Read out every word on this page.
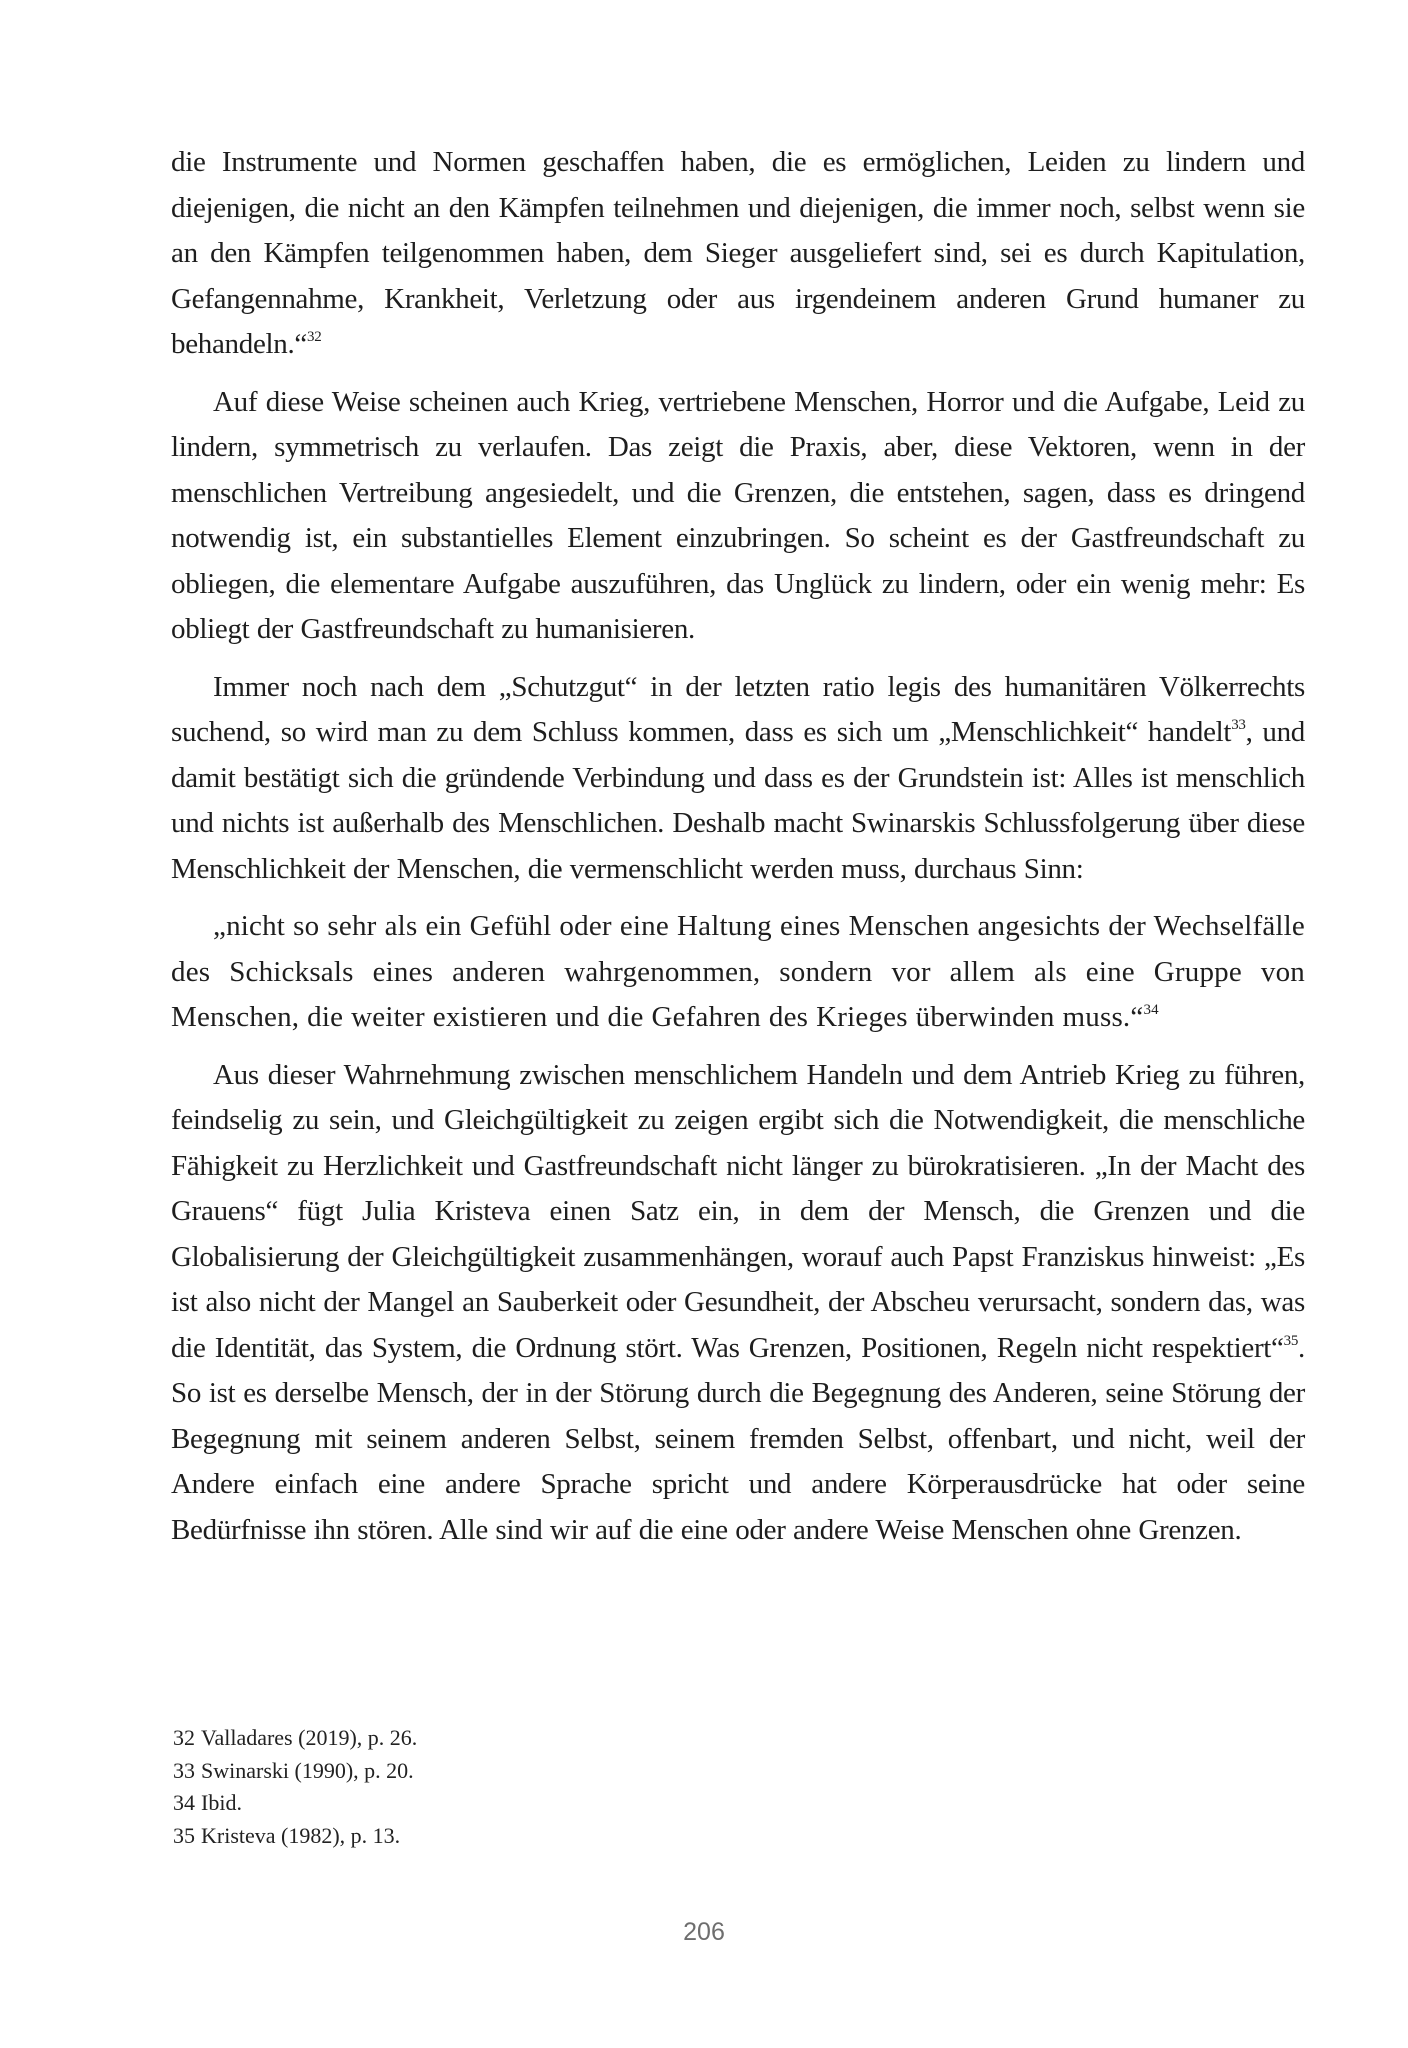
die Instrumente und Normen geschaffen haben, die es ermöglichen, Leiden zu lindern und diejenigen, die nicht an den Kämpfen teilnehmen und diejenigen, die immer noch, selbst wenn sie an den Kämpfen teilgenommen haben, dem Sieger ausgeliefert sind, sei es durch Kapitulation, Gefangennahme, Krankheit, Verletzung oder aus irgendeinem anderen Grund humaner zu behandeln.“$^{32}$

Auf diese Weise scheinen auch Krieg, vertriebene Menschen, Horror und die Aufgabe, Leid zu lindern, symmetrisch zu verlaufen. Das zeigt die Praxis, aber, diese Vektoren, wenn in der menschlichen Vertreibung angesiedelt, und die Grenzen, die entstehen, sagen, dass es dringend notwendig ist, ein substantielles Element einzubringen. So scheint es der Gastfreundschaft zu obliegen, die elementare Aufgabe auszuführen, das Unglück zu lindern, oder ein wenig mehr: Es obliegt der Gastfreundschaft zu humanisieren.

Immer noch nach dem „Schutzgut“ in der letzten ratio legis des humanitären Völkerrechts suchend, so wird man zu dem Schluss kommen, dass es sich um „Menschlichkeit“ handelt$^{33}$, und damit bestätigt sich die gründende Verbindung und dass es der Grundstein ist: Alles ist menschlich und nichts ist außerhalb des Menschlichen. Deshalb macht Swinarskis Schlussfolgerung über diese Menschlichkeit der Menschen, die vermenschlicht werden muss, durchaus Sinn:

„nicht so sehr als ein Gefühl oder eine Haltung eines Menschen angesichts der Wechselfälle des Schicksals eines anderen wahrgenommen, sondern vor allem als eine Gruppe von Menschen, die weiter existieren und die Gefahren des Krieges überwinden muss.“$^{34}$

Aus dieser Wahrnehmung zwischen menschlichem Handeln und dem Antrieb Krieg zu führen, feindselig zu sein, und Gleichgültigkeit zu zeigen ergibt sich die Notwendigkeit, die menschliche Fähigkeit zu Herzlichkeit und Gastfreundschaft nicht länger zu bürokratisieren. „In der Macht des Grauens“ fügt Julia Kristeva einen Satz ein, in dem der Mensch, die Grenzen und die Globalisierung der Gleichgültigkeit zusammenhängen, worauf auch Papst Franziskus hinweist: „Es ist also nicht der Mangel an Sauberkeit oder Gesundheit, der Abscheu verursacht, sondern das, was die Identität, das System, die Ordnung stört. Was Grenzen, Positionen, Regeln nicht respektiert“$^{35}$. So ist es derselbe Mensch, der in der Störung durch die Begegnung des Anderen, seine Störung der Begegnung mit seinem anderen Selbst, seinem fremden Selbst, offenbart, und nicht, weil der Andere einfach eine andere Sprache spricht und andere Körperausdrücke hat oder seine Bedürfnisse ihn stören. Alle sind wir auf die eine oder andere Weise Menschen ohne Grenzen.

32 Valladares (2019), p. 26.
33 Swinarski (1990), p. 20.
34 Ibid.
35 Kristeva (1982), p. 13.
206
